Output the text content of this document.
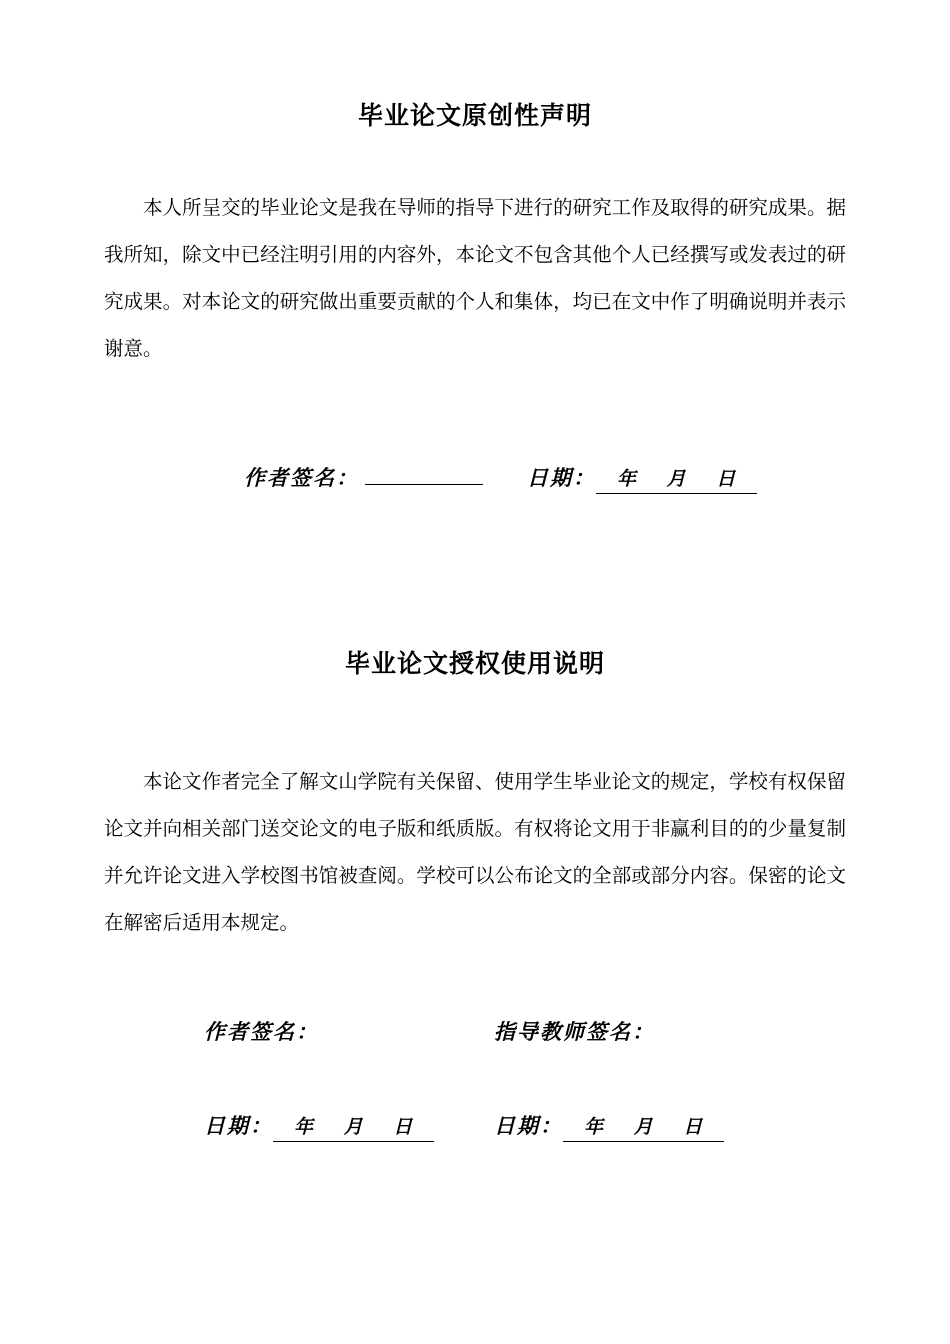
毕业论文原创性声明

本人所呈交的毕业论文是我在导师的指导下进行的研究工作及取得的研究成果。据我所知，除文中已经注明引用的内容外，本论文不包含其他个人已经撰写或发表过的研究成果。对本论文的研究做出重要贡献的个人和集体，均已在文中作了明确说明并表示谢意。

作者签名：	日期：	年 月 日
毕业论文授权使用说明

本论文作者完全了解文山学院有关保留、使用学生毕业论文的规定，学校有权保留论文并向相关部门送交论文的电子版和纸质版。有权将论文用于非赢利目的的少量复制并允许论文进入学校图书馆被查阅。学校可以公布论文的全部或部分内容。保密的论文在解密后适用本规定。

作者签名：	指导教师签名：
日期：	年 月 日	日期：	年 月 日
